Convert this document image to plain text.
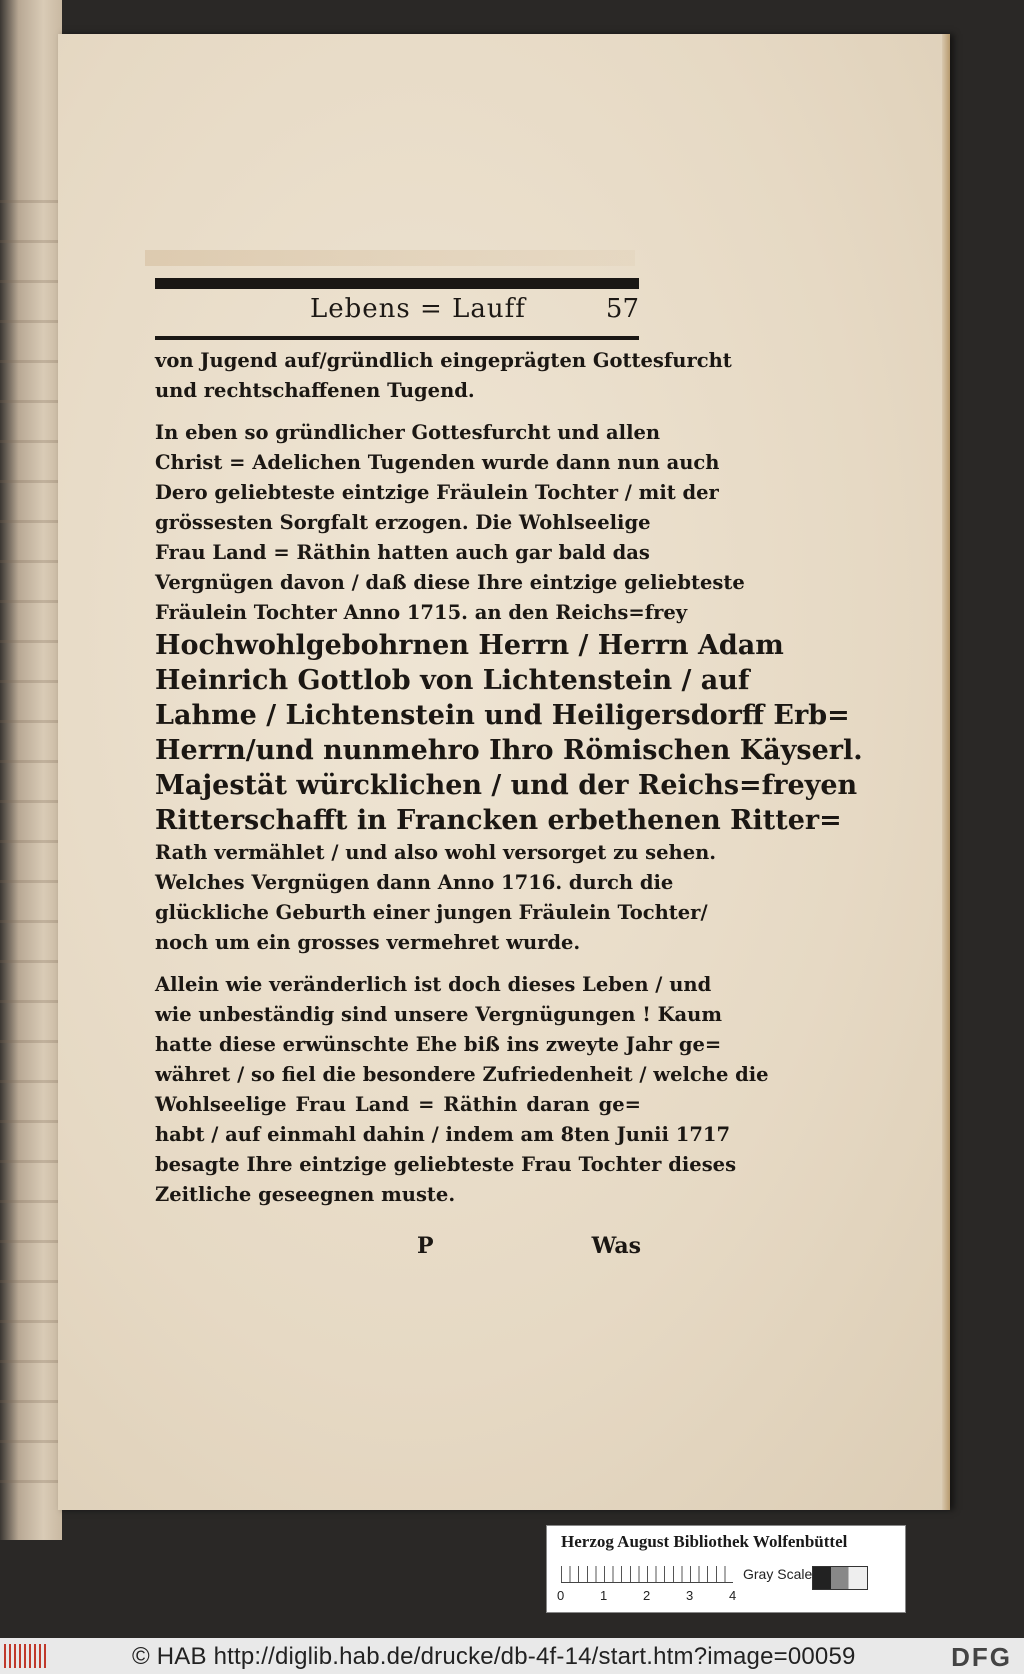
Lebens = Lauff	57
von Jugend auf/gründlich eingeprägten Gottesfurcht
und rechtschaffenen Tugend.
In eben so gründlicher Gottesfurcht und allen
Christ = Adelichen Tugenden wurde dann nun auch
Dero geliebteste eintzige Fräulein Tochter / mit der
grössesten Sorgfalt erzogen. Die Wohlseelige
Frau Land = Räthin hatten auch gar bald das
Vergnügen davon / daß diese Ihre eintzige geliebteste
Fräulein Tochter Anno 1715. an den Reichs=frey
Hochwohlgebohrnen Herrn / Herrn Adam
Heinrich Gottlob von Lichtenstein / auf
Lahme / Lichtenstein und Heiligersdorff Erb=
Herrn/und nunmehro Ihro Römischen Käyserl.
Majestät würcklichen / und der Reichs=freyen
Ritterschafft in Francken erbethenen Ritter=
Rath vermählet / und also wohl versorget zu sehen.
Welches Vergnügen dann Anno 1716. durch die
glückliche Geburth einer jungen Fräulein Tochter/
noch um ein grosses vermehret wurde.
Allein wie veränderlich ist doch dieses Leben / und
wie unbeständig sind unsere Vergnügungen ! Kaum
hatte diese erwünschte Ehe biß ins zweyte Jahr ge=
währet / so fiel die besondere Zufriedenheit / welche die
Wohlseelige Frau Land = Räthin daran ge=
habt / auf einmahl dahin / indem am 8ten Junii 1717
besagte Ihre eintzige geliebteste Frau Tochter dieses
Zeitliche geseegnen muste.
P	Was
Herzog August Bibliothek Wolfenbüttel
0	1	2	3	4
Gray Scale
© HAB http://diglib.hab.de/drucke/db-4f-14/start.htm?image=00059	DFG
